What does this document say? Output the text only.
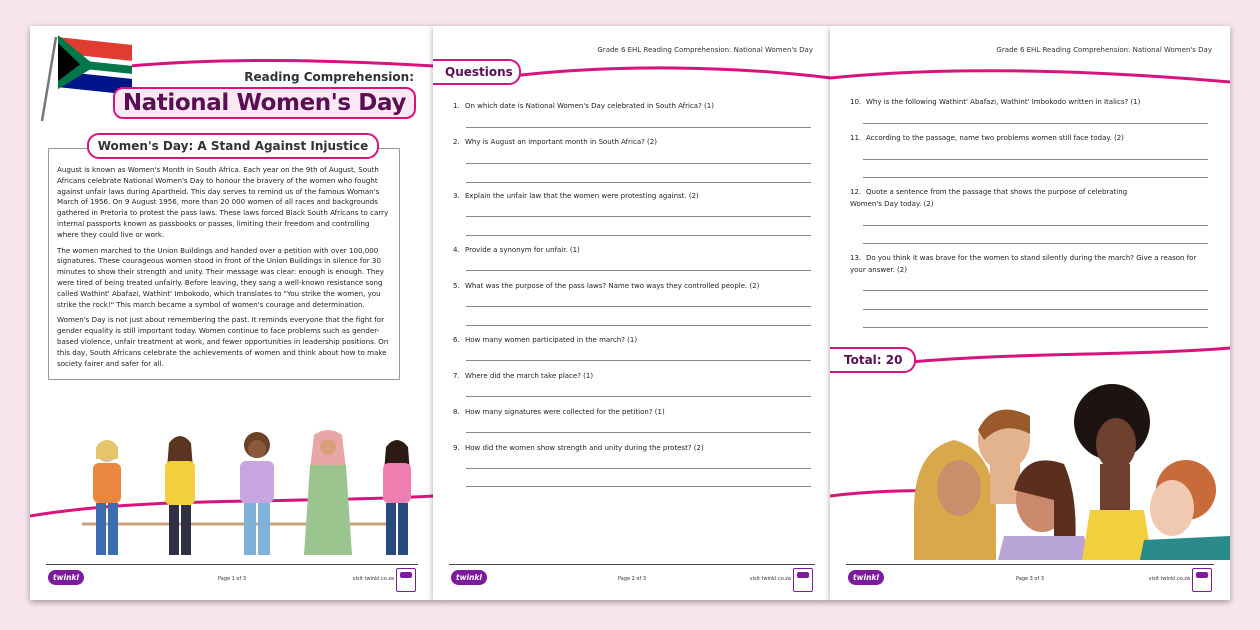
Reading Comprehension:
National Women's Day

August is known as Women's Month in South Africa. Each year on the 9th of August, South Africans celebrate National Women's Day to honour the bravery of the women who fought against unfair laws during Apartheid. This day serves to remind us of the famous Woman's March of 1956. On 9 August 1956, more than 20 000 women of all races and backgrounds gathered in Pretoria to protest the pass laws. These laws forced Black South Africans to carry internal passports known as passbooks or passes, limiting their freedom and controlling where they could live or work.

The women marched to the Union Buildings and handed over a petition with over 100,000 signatures. These courageous women stood in front of the Union Buildings in silence for 30 minutes to show their strength and unity. Their message was clear: enough is enough. They were tired of being treated unfairly. Before leaving, they sang a well-known resistance song called Wathint' Abafazi, Wathint' Imbokodo, which translates to "You strike the women, you strike the rock!" This march became a symbol of women's courage and determination.

Women's Day is not just about remembering the past. It reminds everyone that the fight for gender equality is still important today. Women continue to face problems such as gender-based violence, unfair treatment at work, and fewer opportunities in leadership positions. On this day, South Africans celebrate the achievements of women and think about how to make society fairer and safer for all.

Women's Day: A Stand Against Injustice
twinkl	Page 1 of 3	visit twinkl.co.za
Grade 6 EHL Reading Comprehension: National Women's Day
Questions
1. On which date is National Women's Day celebrated in South Africa? (1)
2. Why is August an important month in South Africa? (2)
3. Explain the unfair law that the women were protesting against. (2)
4. Provide a synonym for unfair. (1)
5. What was the purpose of the pass laws? Name two ways they controlled people. (2)
6. How many women participated in the march? (1)
7. Where did the march take place? (1)
8. How many signatures were collected for the petition? (1)
9. How did the women show strength and unity during the protest? (2)
twinkl	Page 2 of 3	visit twinkl.co.za
Grade 6 EHL Reading Comprehension: National Women's Day
10. Why is the following Wathint' Abafazi, Wathint' Imbokodo written in Italics? (1)
11. According to the passage, name two problems women still face today. (2)
12. Quote a sentence from the passage that shows the purpose of celebrating Women's Day today. (2)
13. Do you think it was brave for the women to stand silently during the march? Give a reason for your answer. (2)
Total: 20
twinkl	Page 3 of 3	visit twinkl.co.za
